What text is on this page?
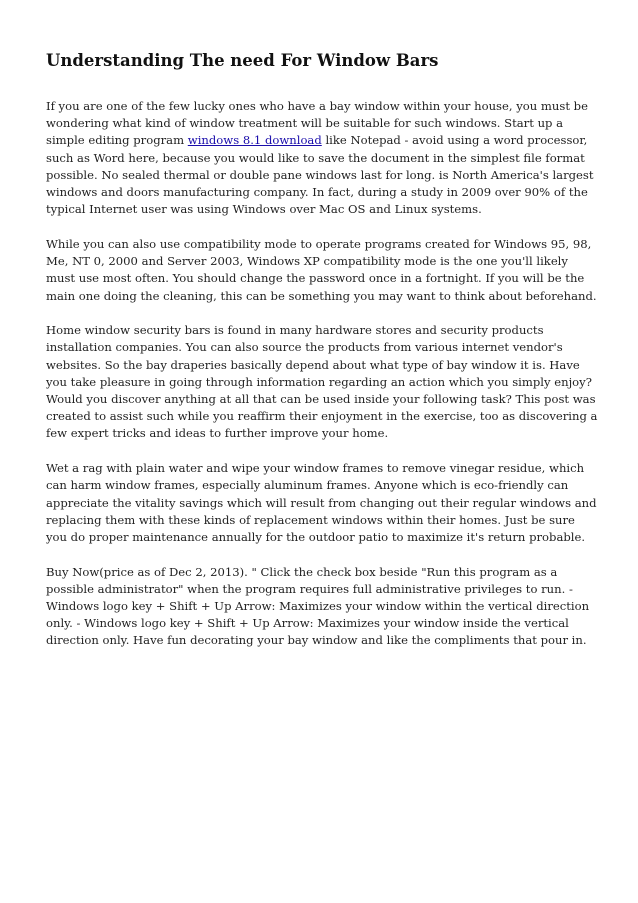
Understanding The need For Window Bars

If you are one of the few lucky ones who have a bay window within your house, you must be wondering what kind of window treatment will be suitable for such windows. Start up a simple editing program windows 8.1 download like Notepad - avoid using a word processor, such as Word here, because you would like to save the document in the simplest file format possible. No sealed thermal or double pane windows last for long. is North America's largest windows and doors manufacturing company. In fact, during a study in 2009 over 90% of the typical Internet user was using Windows over Mac OS and Linux systems.

While you can also use compatibility mode to operate programs created for Windows 95, 98, Me, NT 0, 2000 and Server 2003, Windows XP compatibility mode is the one you'll likely must use most often. You should change the password once in a fortnight. If you will be the main one doing the cleaning, this can be something you may want to think about beforehand.

Home window security bars is found in many hardware stores and security products installation companies. You can also source the products from various internet vendor's websites. So the bay draperies basically depend about what type of bay window it is. Have you take pleasure in going through information regarding an action which you simply enjoy? Would you discover anything at all that can be used inside your following task? This post was created to assist such while you reaffirm their enjoyment in the exercise, too as discovering a few expert tricks and ideas to further improve your home.

Wet a rag with plain water and wipe your window frames to remove vinegar residue, which can harm window frames, especially aluminum frames. Anyone which is eco-friendly can appreciate the vitality savings which will result from changing out their regular windows and replacing them with these kinds of replacement windows within their homes. Just be sure you do proper maintenance annually for the outdoor patio to maximize it's return probable.

Buy Now(price as of Dec 2, 2013). " Click the check box beside "Run this program as a possible administrator" when the program requires full administrative privileges to run. - Windows logo key + Shift + Up Arrow: Maximizes your window within the vertical direction only. - Windows logo key + Shift + Up Arrow: Maximizes your window inside the vertical direction only. Have fun decorating your bay window and like the compliments that pour in.
